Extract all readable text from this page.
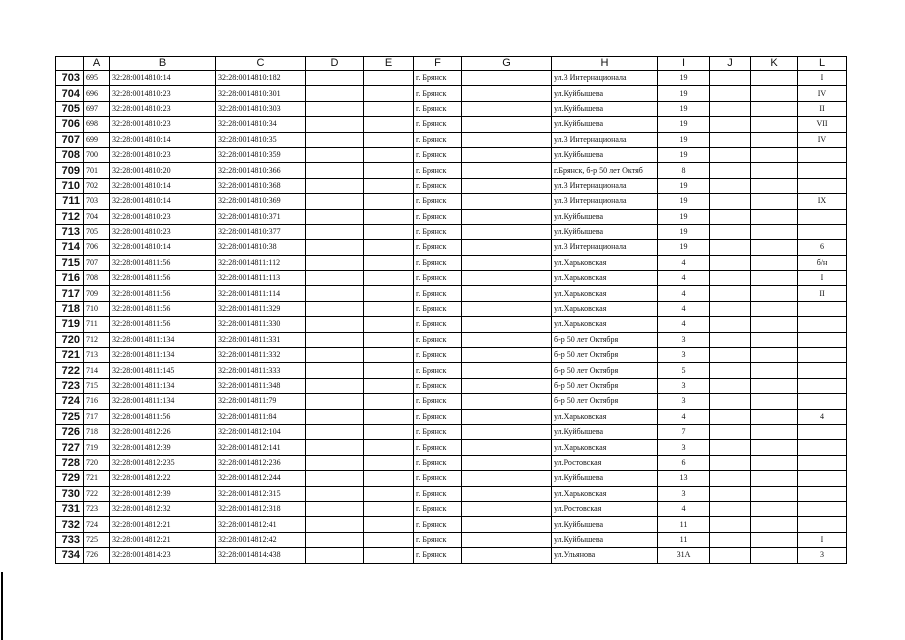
	A	B	C	D	E	F	G	H	I	J	K	L
703	695	32:28:0014810:14	32:28:0014810:182			г. Брянск		ул.3 Интернационала	19			I
704	696	32:28:0014810:23	32:28:0014810:301			г. Брянск		ул.Куйбышева	19			IV
705	697	32:28:0014810:23	32:28:0014810:303			г. Брянск		ул.Куйбышева	19			II
706	698	32:28:0014810:23	32:28:0014810:34			г. Брянск		ул.Куйбышева	19			VII
707	699	32:28:0014810:14	32:28:0014810:35			г. Брянск		ул.3 Интернационала	19			IV
708	700	32:28:0014810:23	32:28:0014810:359			г. Брянск		ул.Куйбышева	19			
709	701	32:28:0014810:20	32:28:0014810:366			г. Брянск		г.Брянск, б-р 50 лет Октяб	8			
710	702	32:28:0014810:14	32:28:0014810:368			г. Брянск		ул.3 Интернационала	19			
711	703	32:28:0014810:14	32:28:0014810:369			г. Брянск		ул.3 Интернационала	19			IX
712	704	32:28:0014810:23	32:28:0014810:371			г. Брянск		ул.Куйбышева	19			
713	705	32:28:0014810:23	32:28:0014810:377			г. Брянск		ул.Куйбышева	19			
714	706	32:28:0014810:14	32:28:0014810:38			г. Брянск		ул.3 Интернационала	19			6
715	707	32:28:0014811:56	32:28:0014811:112			г. Брянск		ул.Харьковская	4			б/н
716	708	32:28:0014811:56	32:28:0014811:113			г. Брянск		ул.Харьковская	4			I
717	709	32:28:0014811:56	32:28:0014811:114			г. Брянск		ул.Харьковская	4			II
718	710	32:28:0014811:56	32:28:0014811:329			г. Брянск		ул.Харьковская	4			
719	711	32:28:0014811:56	32:28:0014811:330			г. Брянск		ул.Харьковская	4			
720	712	32:28:0014811:134	32:28:0014811:331			г. Брянск		б-р 50 лет Октября	3			
721	713	32:28:0014811:134	32:28:0014811:332			г. Брянск		б-р 50 лет Октября	3			
722	714	32:28:0014811:145	32:28:0014811:333			г. Брянск		б-р 50 лет Октября	5			
723	715	32:28:0014811:134	32:28:0014811:348			г. Брянск		б-р 50 лет Октября	3			
724	716	32:28:0014811:134	32:28:0014811:79			г. Брянск		б-р 50 лет Октября	3			
725	717	32:28:0014811:56	32:28:0014811:84			г. Брянск		ул.Харьковская	4			4
726	718	32:28:0014812:26	32:28:0014812:104			г. Брянск		ул.Куйбышева	7			
727	719	32:28:0014812:39	32:28:0014812:141			г. Брянск		ул.Харьковская	3			
728	720	32:28:0014812:235	32:28:0014812:236			г. Брянск		ул.Ростовская	6			
729	721	32:28:0014812:22	32:28:0014812:244			г. Брянск		ул.Куйбышева	13			
730	722	32:28:0014812:39	32:28:0014812:315			г. Брянск		ул.Харьковская	3			
731	723	32:28:0014812:32	32:28:0014812:318			г. Брянск		ул.Ростовская	4			
732	724	32:28:0014812:21	32:28:0014812:41			г. Брянск		ул.Куйбышева	11			
733	725	32:28:0014812:21	32:28:0014812:42			г. Брянск		ул.Куйбышева	11			I
734	726	32:28:0014814:23	32:28:0014814:438			г. Брянск		ул.Ульянова	31А			3
